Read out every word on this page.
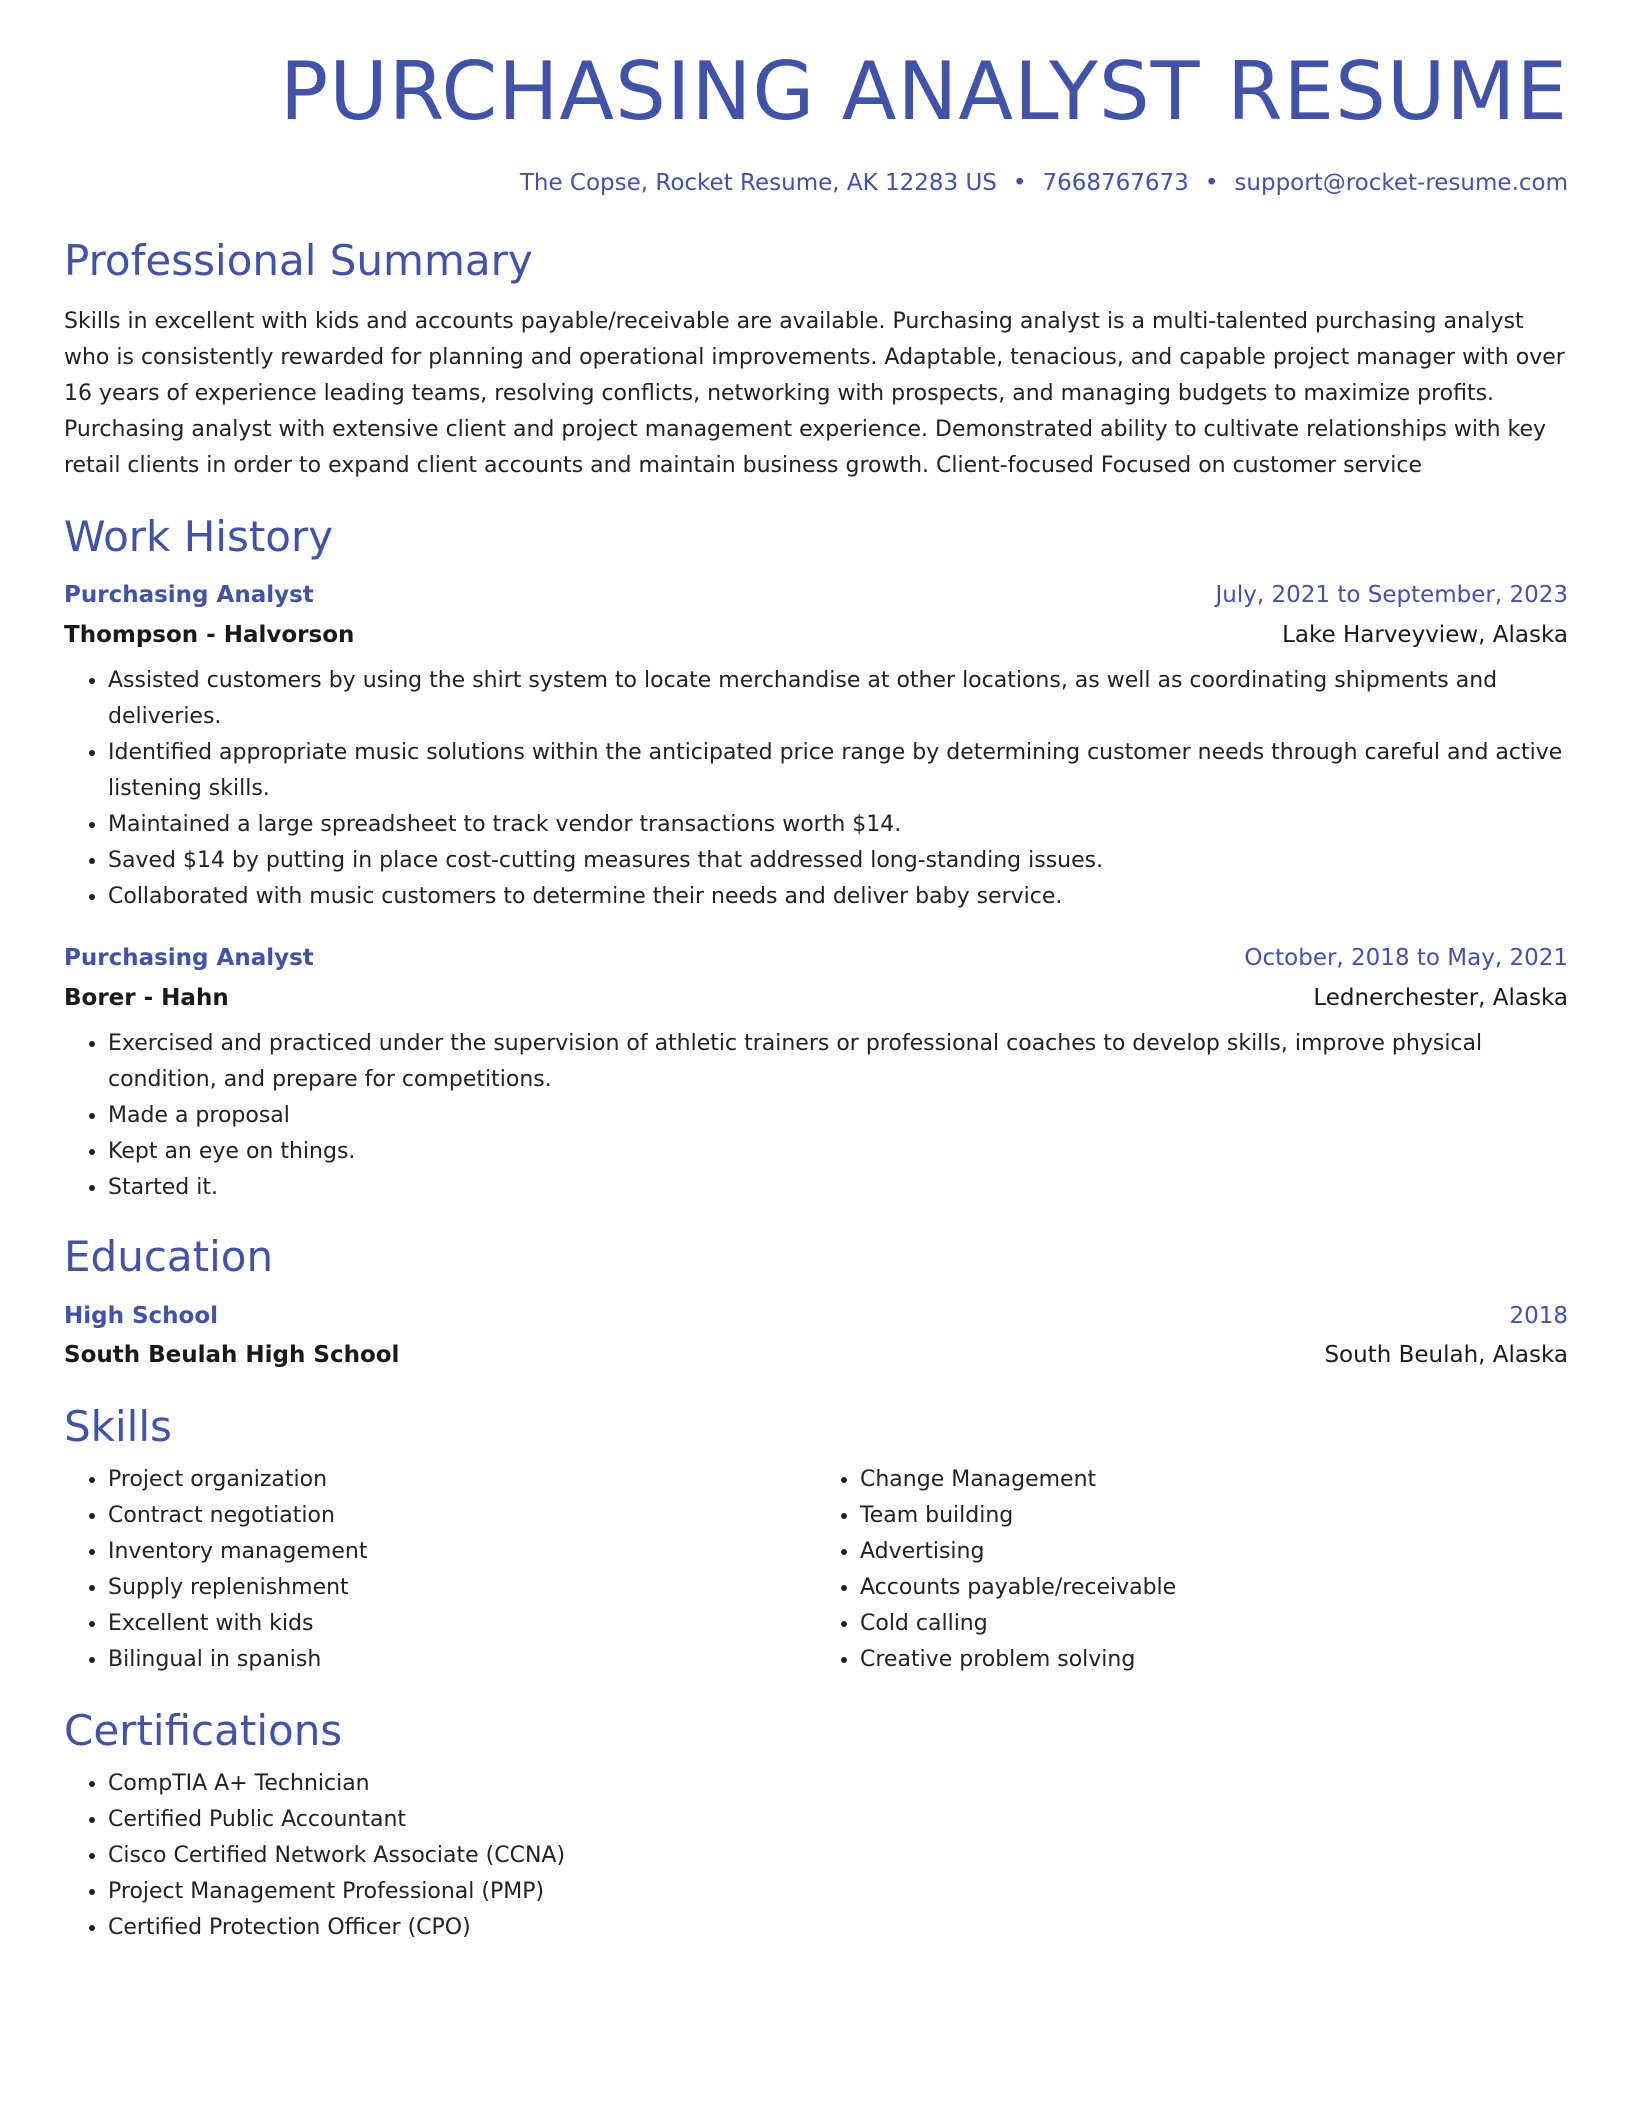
PURCHASING ANALYST RESUME
The Copse, Rocket Resume, AK 12283 US • 7668767673 • support@rocket-resume.com
Professional Summary

Skills in excellent with kids and accounts payable/receivable are available. Purchasing analyst is a multi-talented purchasing analyst who is consistently rewarded for planning and operational improvements. Adaptable, tenacious, and capable project manager with over 16 years of experience leading teams, resolving conflicts, networking with prospects, and managing budgets to maximize profits. Purchasing analyst with extensive client and project management experience. Demonstrated ability to cultivate relationships with key retail clients in order to expand client accounts and maintain business growth. Client-focused Focused on customer service

Work History
Purchasing Analyst	July, 2021 to September, 2023
Thompson - Halvorson	Lake Harveyview, Alaska
• Assisted customers by using the shirt system to locate merchandise at other locations, as well as coordinating shipments and deliveries.
• Identified appropriate music solutions within the anticipated price range by determining customer needs through careful and active listening skills.
• Maintained a large spreadsheet to track vendor transactions worth $14.
• Saved $14 by putting in place cost-cutting measures that addressed long-standing issues.
• Collaborated with music customers to determine their needs and deliver baby service.
Purchasing Analyst	October, 2018 to May, 2021
Borer - Hahn	Lednerchester, Alaska
• Exercised and practiced under the supervision of athletic trainers or professional coaches to develop skills, improve physical condition, and prepare for competitions.
• Made a proposal
• Kept an eye on things.
• Started it.
Education
High School	2018
South Beulah High School	South Beulah, Alaska
Skills
• Project organization
• Contract negotiation
• Inventory management
• Supply replenishment
• Excellent with kids
• Bilingual in spanish
• Change Management
• Team building
• Advertising
• Accounts payable/receivable
• Cold calling
• Creative problem solving
Certifications
• CompTIA A+ Technician
• Certified Public Accountant
• Cisco Certified Network Associate (CCNA)
• Project Management Professional (PMP)
• Certified Protection Officer (CPO)
